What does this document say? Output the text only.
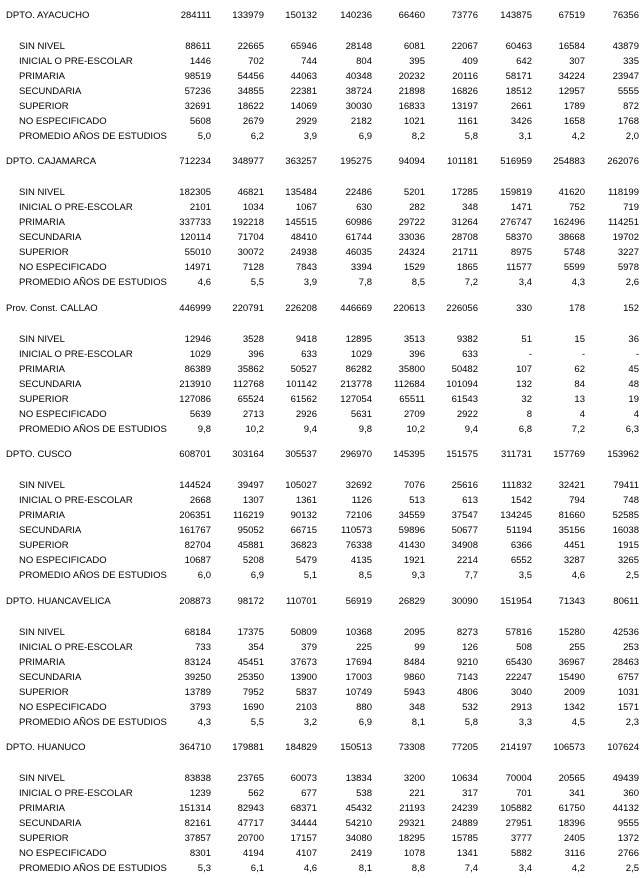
DPTO. AYACUCHO	284111	133979	150132	140236	66460	73776	143875	67519	76356
SIN NIVEL	88611	22665	65946	28148	6081	22067	60463	16584	43879
INICIAL O PRE-ESCOLAR	1446	702	744	804	395	409	642	307	335
PRIMARIA	98519	54456	44063	40348	20232	20116	58171	34224	23947
SECUNDARIA	57236	34855	22381	38724	21898	16826	18512	12957	5555
SUPERIOR	32691	18622	14069	30030	16833	13197	2661	1789	872
NO ESPECIFICADO	5608	2679	2929	2182	1021	1161	3426	1658	1768
PROMEDIO AÑOS DE ESTUDIOS	5,0	6,2	3,9	6,9	8,2	5,8	3,1	4,2	2,0
DPTO. CAJAMARCA	712234	348977	363257	195275	94094	101181	516959	254883	262076
SIN NIVEL	182305	46821	135484	22486	5201	17285	159819	41620	118199
INICIAL O PRE-ESCOLAR	2101	1034	1067	630	282	348	1471	752	719
PRIMARIA	337733	192218	145515	60986	29722	31264	276747	162496	114251
SECUNDARIA	120114	71704	48410	61744	33036	28708	58370	38668	19702
SUPERIOR	55010	30072	24938	46035	24324	21711	8975	5748	3227
NO ESPECIFICADO	14971	7128	7843	3394	1529	1865	11577	5599	5978
PROMEDIO AÑOS DE ESTUDIOS	4,6	5,5	3,9	7,8	8,5	7,2	3,4	4,3	2,6
Prov. Const. CALLAO	446999	220791	226208	446669	220613	226056	330	178	152
SIN NIVEL	12946	3528	9418	12895	3513	9382	51	15	36
INICIAL O PRE-ESCOLAR	1029	396	633	1029	396	633	-	-	-
PRIMARIA	86389	35862	50527	86282	35800	50482	107	62	45
SECUNDARIA	213910	112768	101142	213778	112684	101094	132	84	48
SUPERIOR	127086	65524	61562	127054	65511	61543	32	13	19
NO ESPECIFICADO	5639	2713	2926	5631	2709	2922	8	4	4
PROMEDIO AÑOS DE ESTUDIOS	9,8	10,2	9,4	9,8	10,2	9,4	6,8	7,2	6,3
DPTO. CUSCO	608701	303164	305537	296970	145395	151575	311731	157769	153962
SIN NIVEL	144524	39497	105027	32692	7076	25616	111832	32421	79411
INICIAL O PRE-ESCOLAR	2668	1307	1361	1126	513	613	1542	794	748
PRIMARIA	206351	116219	90132	72106	34559	37547	134245	81660	52585
SECUNDARIA	161767	95052	66715	110573	59896	50677	51194	35156	16038
SUPERIOR	82704	45881	36823	76338	41430	34908	6366	4451	1915
NO ESPECIFICADO	10687	5208	5479	4135	1921	2214	6552	3287	3265
PROMEDIO AÑOS DE ESTUDIOS	6,0	6,9	5,1	8,5	9,3	7,7	3,5	4,6	2,5
DPTO. HUANCAVELICA	208873	98172	110701	56919	26829	30090	151954	71343	80611
SIN NIVEL	68184	17375	50809	10368	2095	8273	57816	15280	42536
INICIAL O PRE-ESCOLAR	733	354	379	225	99	126	508	255	253
PRIMARIA	83124	45451	37673	17694	8484	9210	65430	36967	28463
SECUNDARIA	39250	25350	13900	17003	9860	7143	22247	15490	6757
SUPERIOR	13789	7952	5837	10749	5943	4806	3040	2009	1031
NO ESPECIFICADO	3793	1690	2103	880	348	532	2913	1342	1571
PROMEDIO AÑOS DE ESTUDIOS	4,3	5,5	3,2	6,9	8,1	5,8	3,3	4,5	2,3
DPTO. HUANUCO	364710	179881	184829	150513	73308	77205	214197	106573	107624
SIN NIVEL	83838	23765	60073	13834	3200	10634	70004	20565	49439
INICIAL O PRE-ESCOLAR	1239	562	677	538	221	317	701	341	360
PRIMARIA	151314	82943	68371	45432	21193	24239	105882	61750	44132
SECUNDARIA	82161	47717	34444	54210	29321	24889	27951	18396	9555
SUPERIOR	37857	20700	17157	34080	18295	15785	3777	2405	1372
NO ESPECIFICADO	8301	4194	4107	2419	1078	1341	5882	3116	2766
PROMEDIO AÑOS DE ESTUDIOS	5,3	6,1	4,6	8,1	8,8	7,4	3,4	4,2	2,5
